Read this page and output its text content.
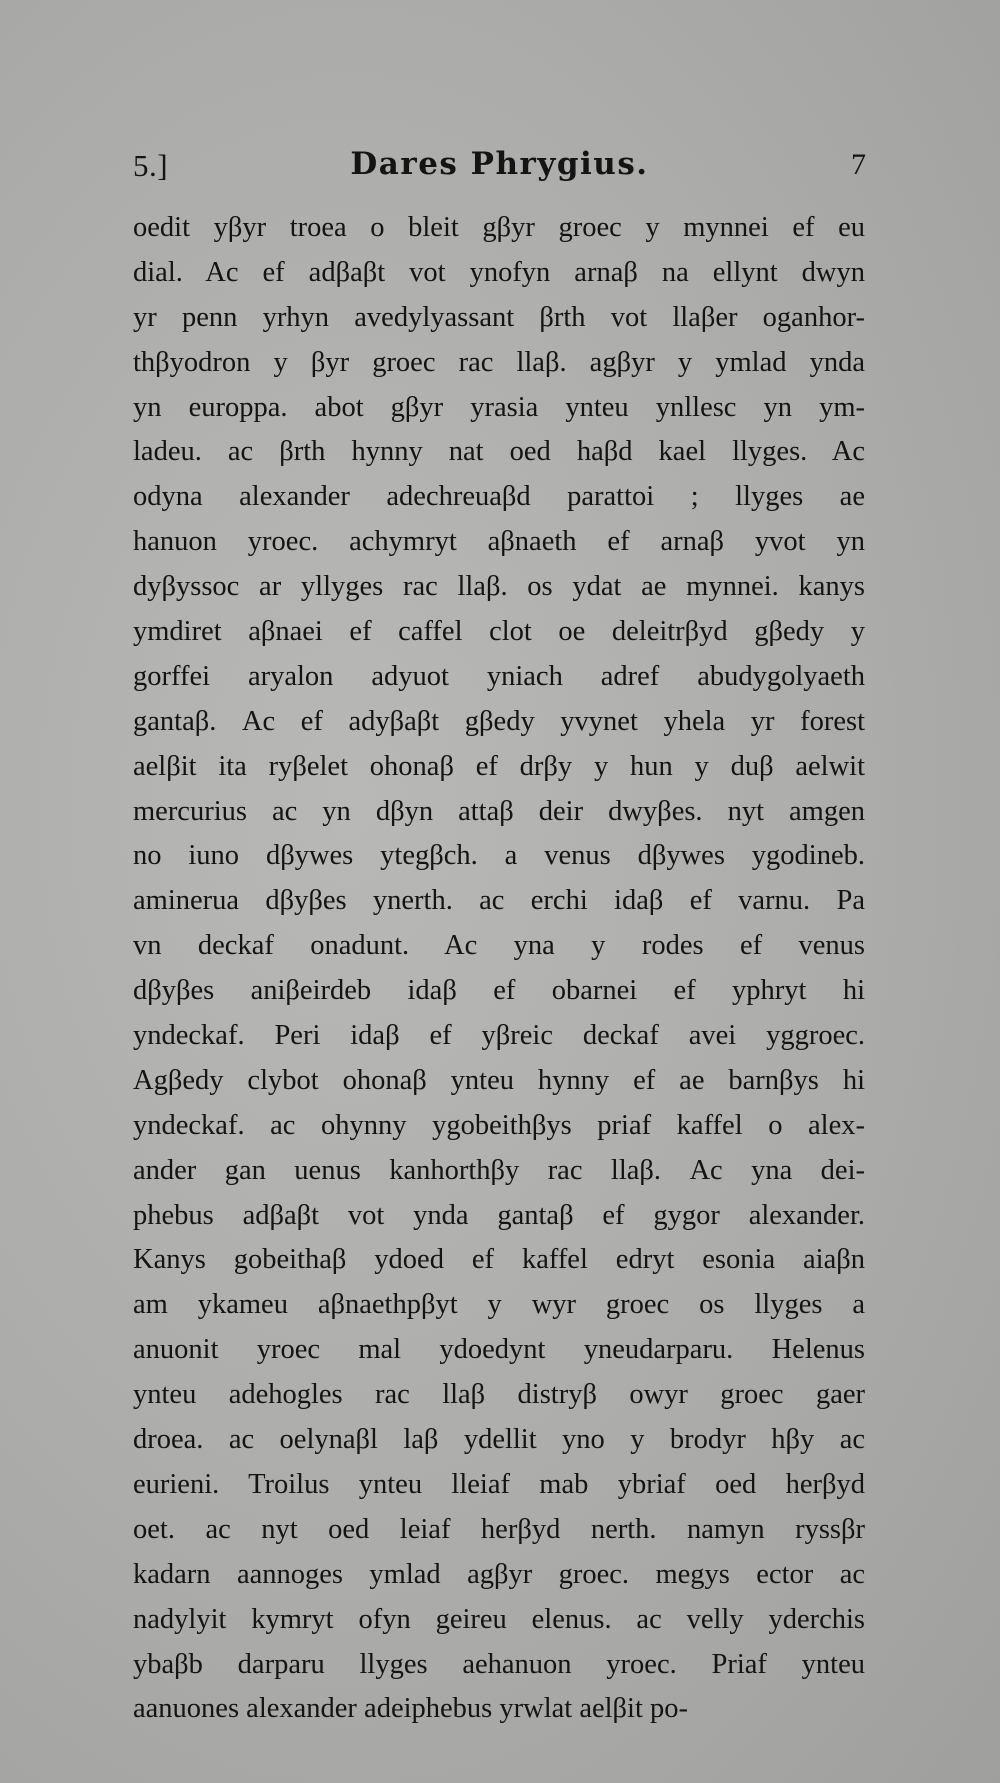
5.]	Dares Phrygius.	7
oedit yβyr troea o bleit gβyr groec y mynnei ef eu
dial. Ac ef adβaβt vot ynofyn arnaβ na ellynt dwyn
yr penn yrhyn avedylyassant βrth vot llaβer oganhor-
thβyodron y βyr groec rac llaβ. agβyr y ymlad ynda
yn europpa. abot gβyr yrasia ynteu ynllesc yn ym-
ladeu. ac βrth hynny nat oed haβd kael llyges. Ac
odyna alexander adechreuaβd parattoi ; llyges ae
hanuon yroec. achymryt aβnaeth ef arnaβ yvot yn
dyβyssoc ar yllyges rac llaβ. os ydat ae mynnei. kanys
ymdiret aβnaei ef caffel clot oe deleitrβyd gβedy y
gorffei aryalon adyuot yniach adref abudygolyaeth
gantaβ. Ac ef adyβaβt gβedy yvynet yhela yr forest
aelβit ita ryβelet ohonaβ ef drβy y hun y duβ aelwit
mercurius ac yn dβyn attaβ deir dwyβes. nyt amgen
no iuno dβywes ytegβch. a venus dβywes ygodineb.
aminerua dβyβes ynerth. ac erchi idaβ ef varnu. Pa
vn deckaf onadunt. Ac yna y rodes ef venus
dβyβes aniβeirdeb idaβ ef obarnei ef yphryt hi
yndeckaf. Peri idaβ ef yβreic deckaf avei yggroec.
Agβedy clybot ohonaβ ynteu hynny ef ae barnβys hi
yndeckaf. ac ohynny ygobeithβys priaf kaffel o alex-
ander gan uenus kanhorthβy rac llaβ. Ac yna dei-
phebus adβaβt vot ynda gantaβ ef gygor alexander.
Kanys gobeithaβ ydoed ef kaffel edryt esonia aiaβn
am ykameu aβnaethpβyt y wyr groec os llyges a
anuonit yroec mal ydoedynt yneudarparu. Helenus
ynteu adehogles rac llaβ distryβ owyr groec gaer
droea. ac oelynaβl laβ ydellit yno y brodyr hβy ac
eurieni. Troilus ynteu lleiaf mab ybriaf oed herβyd
oet. ac nyt oed leiaf herβyd nerth. namyn ryssβr
kadarn aannoges ymlad agβyr groec. megys ector ac
nadylyit kymryt ofyn geireu elenus. ac velly yderchis
ybaβb darparu llyges aehanuon yroec. Priaf ynteu
aanuones alexander adeiphebus yrwlat aelβit po-
